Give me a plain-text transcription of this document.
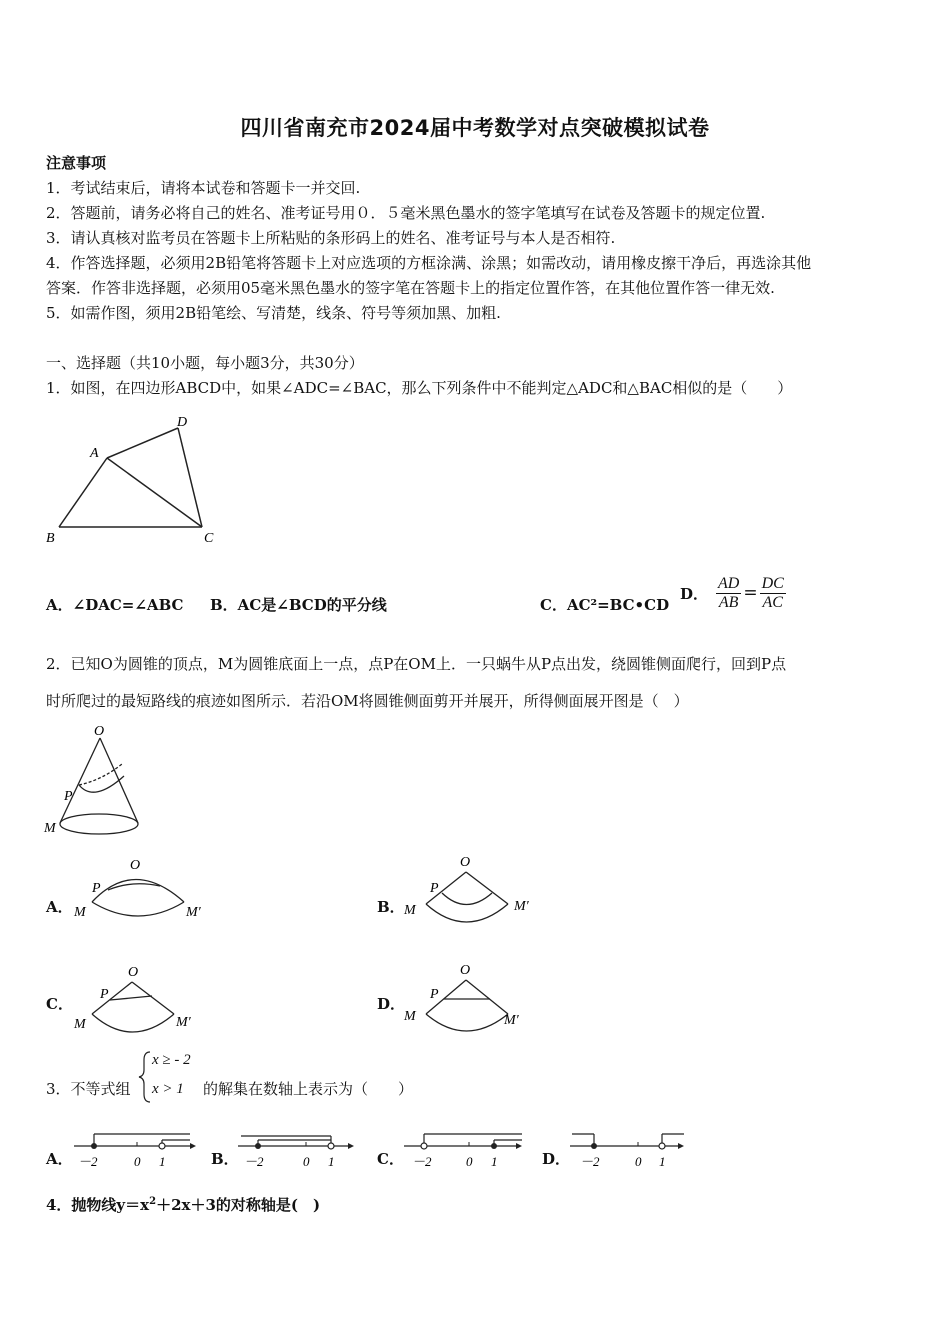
四川省南充市2024届中考数学对点突破模拟试卷
注意事项
1．考试结束后，请将本试卷和答题卡一并交回.
2．答题前，请务必将自己的姓名、准考证号用０．５毫米黑色墨水的签字笔填写在试卷及答题卡的规定位置.
3．请认真核对监考员在答题卡上所粘贴的条形码上的姓名、准考证号与本人是否相符.
4．作答选择题，必须用2B铅笔将答题卡上对应选项的方框涂满、涂黑；如需改动，请用橡皮擦干净后，再选涂其他
答案．作答非选择题，必须用05毫米黑色墨水的签字笔在答题卡上的指定位置作答，在其他位置作答一律无效.
5．如需作图，须用2B铅笔绘、写清楚，线条、符号等须加黑、加粗.
一、选择题（共10小题，每小题3分，共30分）
1．如图，在四边形ABCD中，如果∠ADC=∠BAC，那么下列条件中不能判定△ADC和△BAC相似的是（　　）
A
B	C
D
A．∠DAC=∠ABC B．AC是∠BCD的平分线	C．AC²=BC•CD
D． $\frac{AD}{AB} = \frac{DC}{AC}$
2．已知O为圆锥的顶点，M为圆锥底面上一点，点P在OM上．一只蜗牛从P点出发，绕圆锥侧面爬行，回到P点
时所爬过的最短路线的痕迹如图所示．若沿OM将圆锥侧面剪开并展开，所得侧面展开图是（　）
O
P
M
A．
O
P
M	M′	B．
O
P
M	M′
C．
O
P
M	M′
D．
O
P
M	M′
3．不等式组
x ≥ - 2
x > 1 的解集在数轴上表示为（　　）
A． －2	0 1	B． －2	0 1	C． －2	0 1	D． －2	0 1
4．抛物线$y=x^2+2x+3$的对称轴是(　)
